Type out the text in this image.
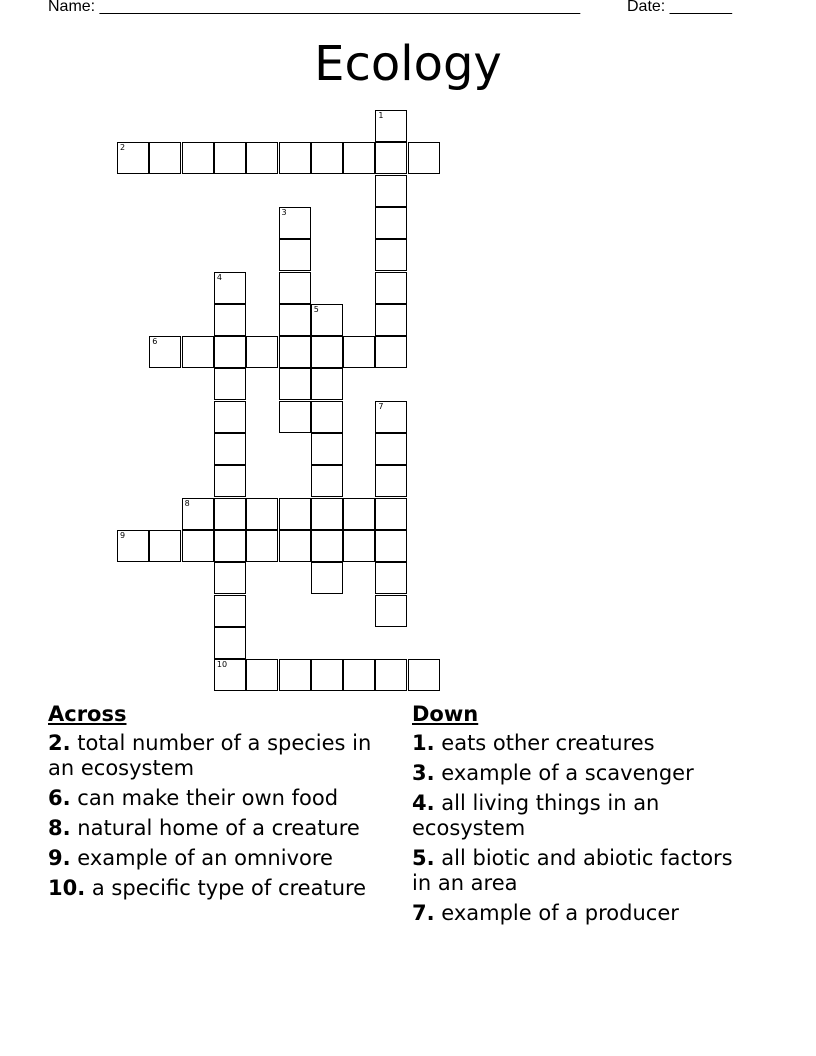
Name: ______________________________________________________	Date: _______
Ecology
1
2
3
4
10
5
6
7
8
9
Across
2. total number of a species in an ecosystem
6. can make their own food
8. natural home of a creature
9. example of an omnivore
10. a specific type of creature
Down
1. eats other creatures
3. example of a scavenger
4. all living things in an ecosystem
5. all biotic and abiotic factors in an area
7. example of a producer
